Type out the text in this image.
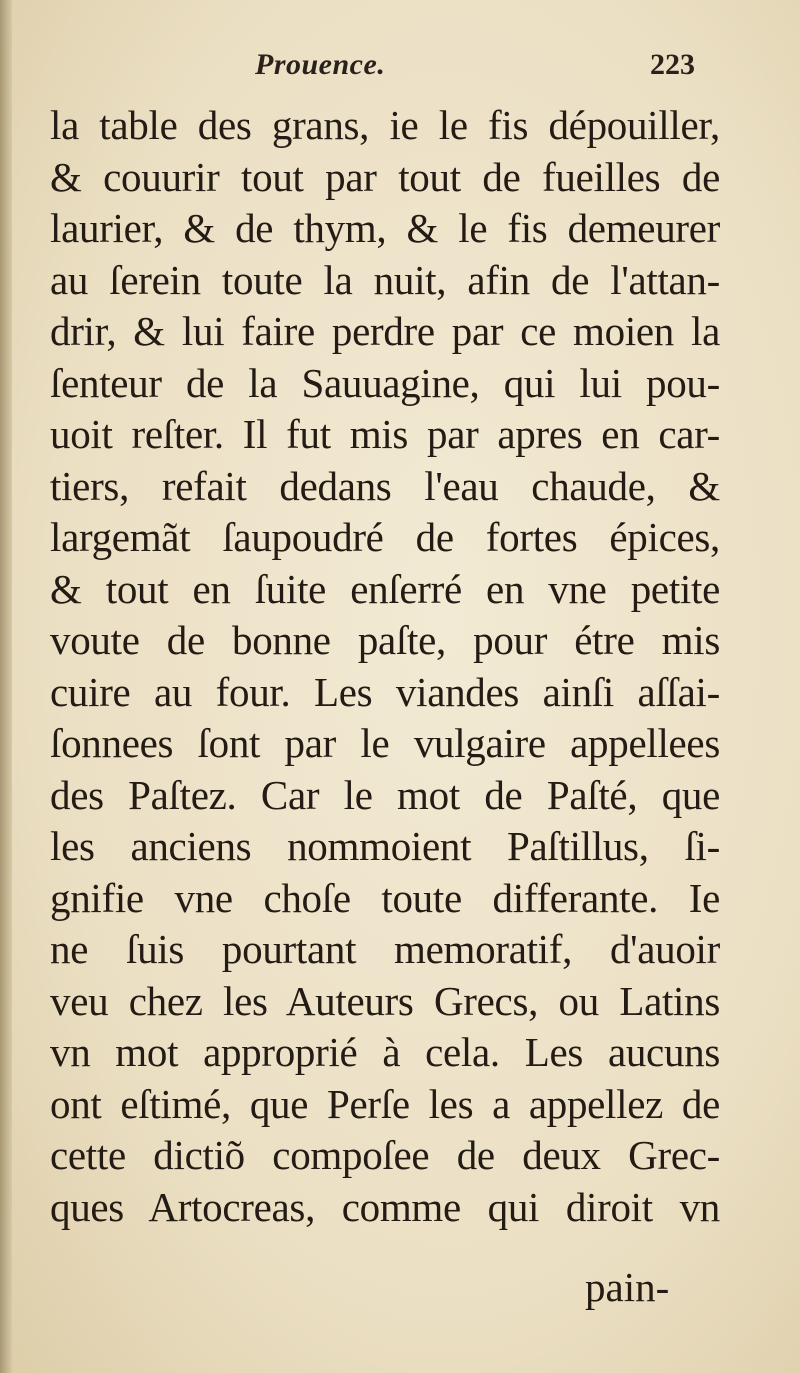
Prouence.	223
la table des grans, ie le fis dépouiller,
& couurir tout par tout de fueilles de
laurier, & de thym, & le fis demeurer
au ſerein toute la nuit, afin de l'attan-
drir, & lui faire perdre par ce moien la
ſenteur de la Sauuagine, qui lui pou-
uoit reſter. Il fut mis par apres en car-
tiers, refait dedans l'eau chaude, &
largemãt ſaupoudré de fortes épices,
& tout en ſuite enſerré en vne petite
voute de bonne paſte, pour étre mis
cuire au four. Les viandes ainſi aſſai-
ſonnees ſont par le vulgaire appellees
des Paſtez. Car le mot de Paſté, que
les anciens nommoient Paſtillus, ſi-
gnifie vne choſe toute differante. Ie
ne ſuis pourtant memoratif, d'auoir
veu chez les Auteurs Grecs, ou Latins
vn mot approprié à cela. Les aucuns
ont eſtimé, que Perſe les a appellez de
cette dictiõ compoſee de deux Grec-
ques Artocreas, comme qui diroit vn
pain-
